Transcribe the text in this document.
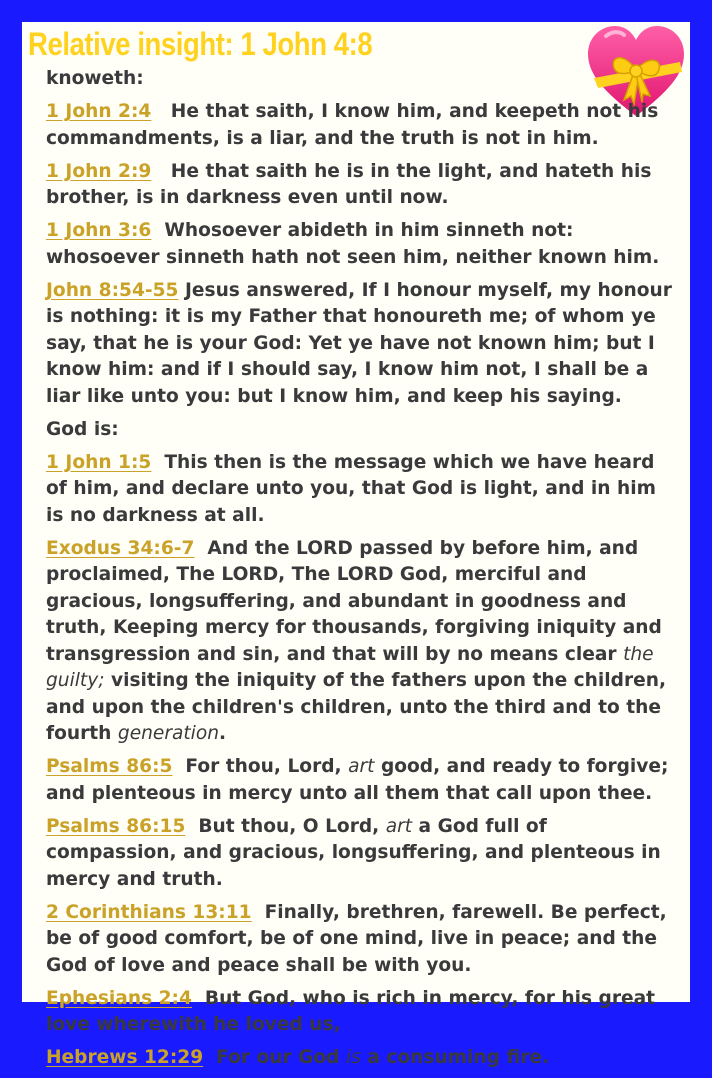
Relative insight: 1 John 4:8

knoweth:

1 John 2:4 He that saith, I know him, and keepeth not his commandments, is a liar, and the truth is not in him.

1 John 2:9 He that saith he is in the light, and hateth his brother, is in darkness even until now.

1 John 3:6 Whosoever abideth in him sinneth not: whosoever sinneth hath not seen him, neither known him.

John 8:54-55 Jesus answered, If I honour myself, my honour is nothing: it is my Father that honoureth me; of whom ye say, that he is your God: Yet ye have not known him; but I know him: and if I should say, I know him not, I shall be a liar like unto you: but I know him, and keep his saying.

God is:

1 John 1:5 This then is the message which we have heard of him, and declare unto you, that God is light, and in him is no darkness at all.

Exodus 34:6-7 And the LORD passed by before him, and proclaimed, The LORD, The LORD God, merciful and gracious, longsuffering, and abundant in goodness and truth, Keeping mercy for thousands, forgiving iniquity and transgression and sin, and that will by no means clear the guilty; visiting the iniquity of the fathers upon the children, and upon the children's children, unto the third and to the fourth generation.

Psalms 86:5 For thou, Lord, art good, and ready to forgive; and plenteous in mercy unto all them that call upon thee.

Psalms 86:15 But thou, O Lord, art a God full of compassion, and gracious, longsuffering, and plenteous in mercy and truth.

2 Corinthians 13:11 Finally, brethren, farewell. Be perfect, be of good comfort, be of one mind, live in peace; and the God of love and peace shall be with you.

Ephesians 2:4 But God, who is rich in mercy, for his great love wherewith he loved us,

Hebrews 12:29 For our God is a consuming fire.
